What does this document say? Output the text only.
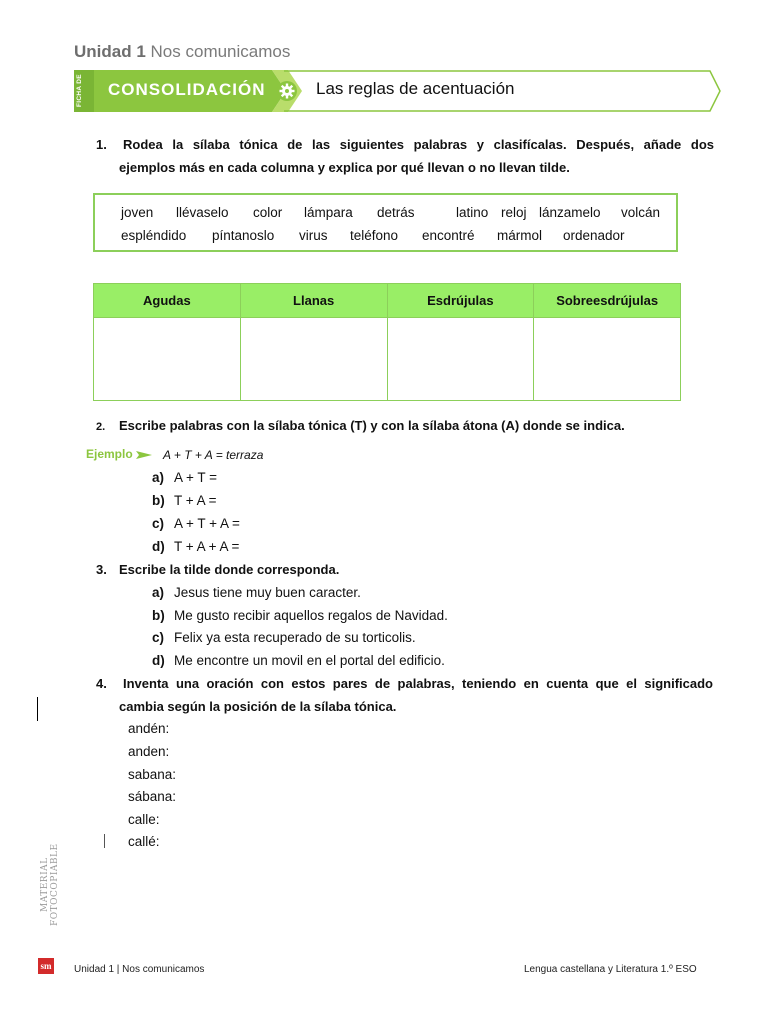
Unidad 1 Nos comunicamos
FICHA DE	CONSOLIDACIÓN	Las reglas de acentuación
1. Rodea la sílaba tónica de las siguientes palabras y clasifícalas. Después, añade dos
ejemplos más en cada columna y explica por qué llevan o no llevan tilde.
joven llévaselo color lámpara detrás	latino reloj lánzamelo volcán
espléndido píntanoslo virus teléfono encontré mármol ordenador
Agudas	Llanas	Esdrújulas	Sobreesdrújulas

2. Escribe palabras con la sílaba tónica (T) y con la sílaba átona (A) donde se indica.
Ejemplo	A + T + A = terraza
a) A + T =
b) T + A =
c) A + T + A =
d) T + A + A =
3. Escribe la tilde donde corresponda.
a) Jesus tiene muy buen caracter.
b) Me gusto recibir aquellos regalos de Navidad.
c) Felix ya esta recuperado de su torticolis.
d) Me encontre un movil en el portal del edificio.
4. Inventa una oración con estos pares de palabras, teniendo en cuenta que el significado
cambia según la posición de la sílaba tónica.
andén:
anden:
sabana:
sábana:
calle:
callé:
MATERIAL FOTOCOPIABLE
sm Unidad 1 | Nos comunicamos	Lengua castellana y Literatura 1.º ESO
